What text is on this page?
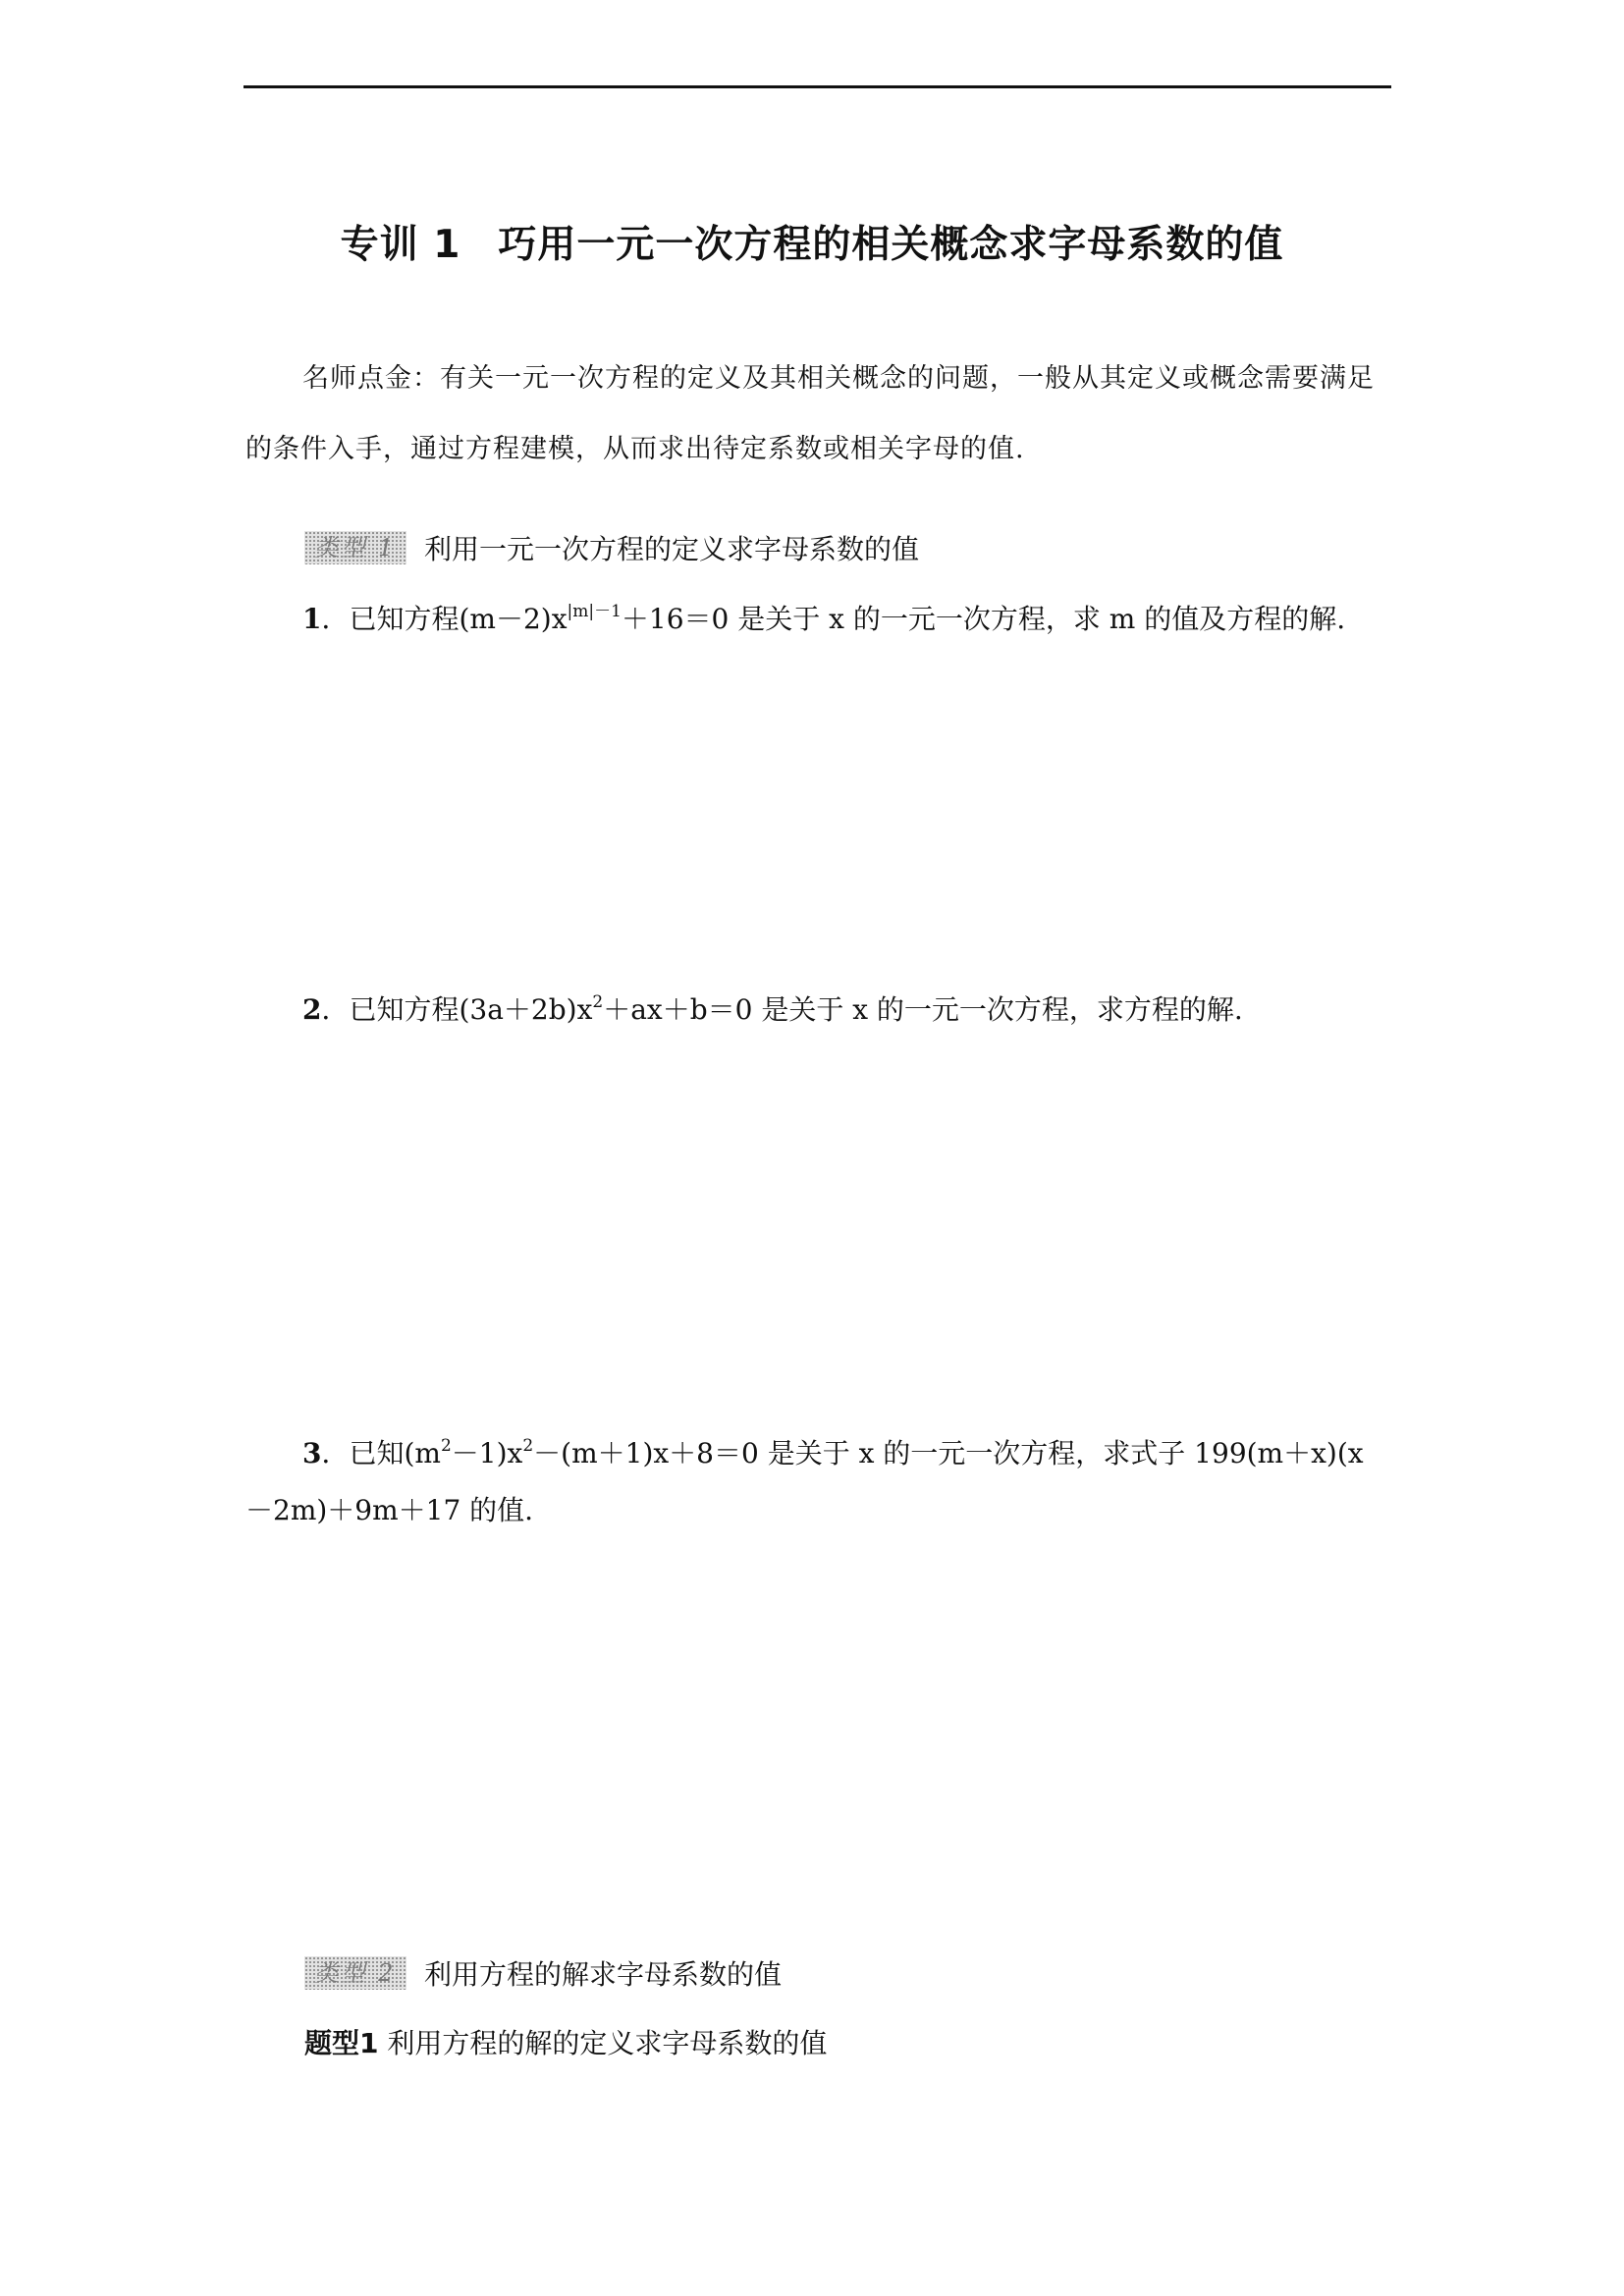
专训 1 巧用一元一次方程的相关概念求字母系数的值
名师点金：有关一元一次方程的定义及其相关概念的问题，一般从其定义或概念需要满足的条件入手，通过方程建模，从而求出待定系数或相关字母的值.
类型 1	利用一元一次方程的定义求字母系数的值
1．已知方程$(m-2)x^{|m|-1}+16=0$ 是关于 x 的一元一次方程，求 m 的值及方程的解.
2．已知方程$(3a+2b)x^2+ax+b=0$ 是关于 x 的一元一次方程，求方程的解.
3．已知$(m^2-1)x^2-(m+1)x+8=0$ 是关于 x 的一元一次方程，求式子 199(m＋x)(x－2m)＋9m＋17 的值.
类型 2	利用方程的解求字母系数的值
题型1 利用方程的解的定义求字母系数的值
